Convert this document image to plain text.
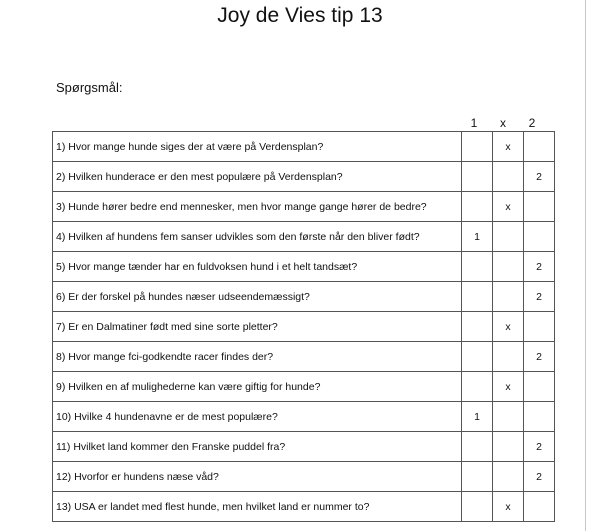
Joy de Vies tip 13
Spørgsmål:
1	x	2
1) Hvor mange hunde siges der at være på Verdensplan?		x	
2) Hvilken hunderace er den mest populære på Verdensplan?			2
3) Hunde hører bedre end mennesker, men hvor mange gange hører de bedre?		x	
4) Hvilken af hundens fem sanser udvikles som den første når den bliver født?	1		
5) Hvor mange tænder har en fuldvoksen hund i et helt tandsæt?			2
6) Er der forskel på hundes næser udseendemæssigt?			2
7) Er en Dalmatiner født med sine sorte pletter?		x	
8) Hvor mange fci-godkendte racer findes der?			2
9) Hvilken en af mulighederne kan være giftig for hunde?		x	
10) Hvilke 4 hundenavne er de mest populære?	1		
11) Hvilket land kommer den Franske puddel fra?			2
12) Hvorfor er hundens næse våd?			2
13) USA er landet med flest hunde, men hvilket land er nummer to?		x	
